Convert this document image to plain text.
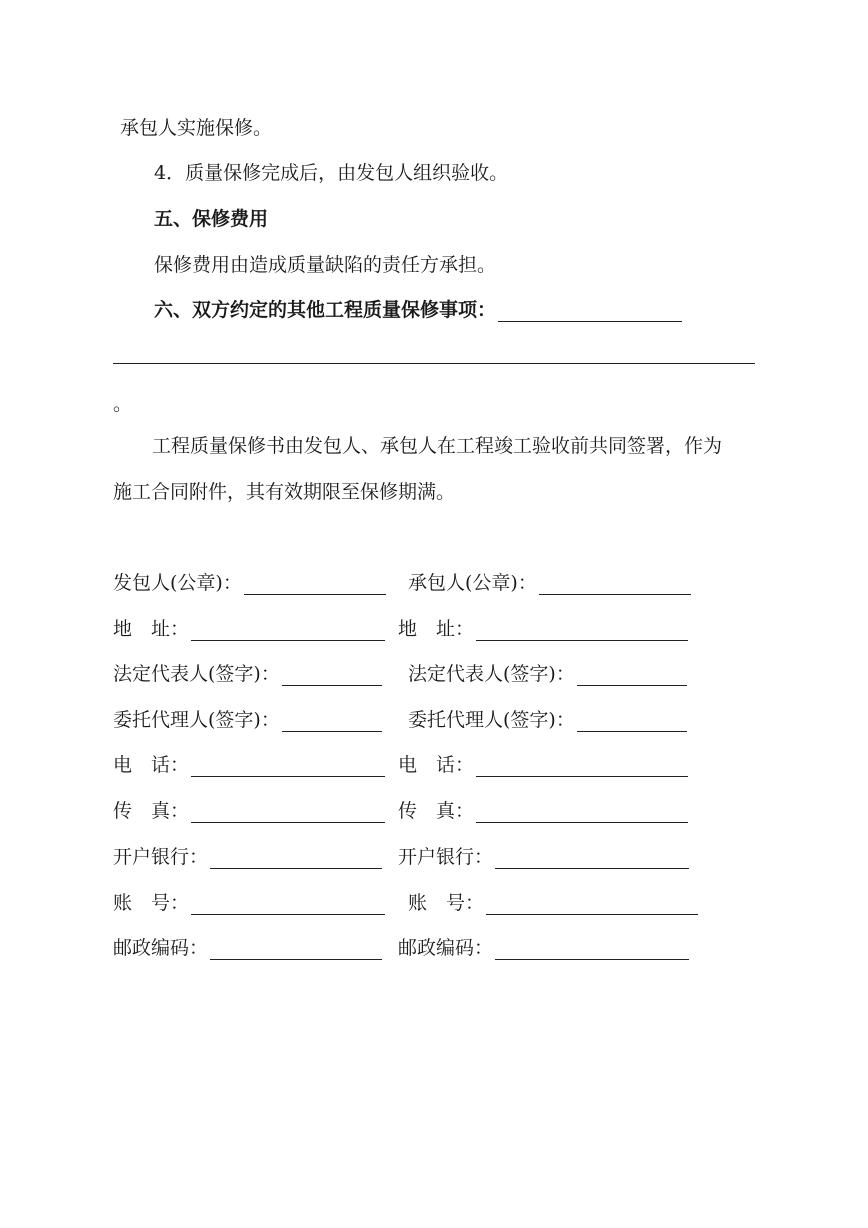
承包人实施保修。
4．质量保修完成后，由发包人组织验收。
五、保修费用
保修费用由造成质量缺陷的责任方承担。
六、双方约定的其他工程质量保修事项：
。
工程质量保修书由发包人、承包人在工程竣工验收前共同签署，作为
施工合同附件，其有效期限至保修期满。
发包人(公章)：
地　址：
法定代表人(签字)：
委托代理人(签字)：
电　话：
传　真：
开户银行：
账　号：
邮政编码：
承包人(公章)：
地　址：
法定代表人(签字)：
委托代理人(签字)：
电　话：
传　真：
开户银行：
账　号：
邮政编码：
